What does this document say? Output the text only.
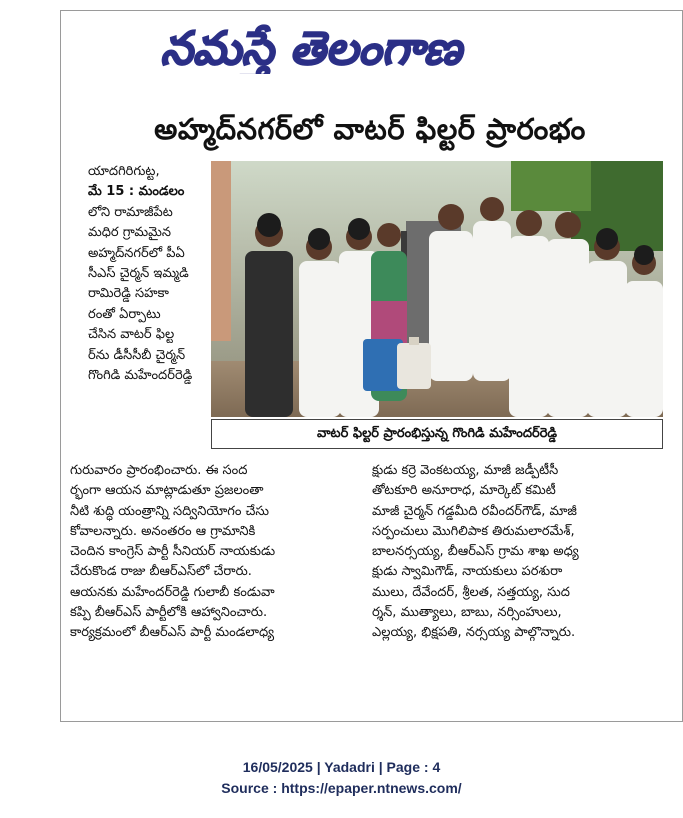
నమస్తే తెలంగాణ
అహ్మద్‌నగర్‌లో వాటర్ ఫిల్టర్ ప్రారంభం

యాదగిరిగుట్ట,

మే 15 : మండలం

లోని రామాజీపేట

మధిర గ్రామమైన

అహ్మద్‌నగర్‌లో పీఏ

సీఎస్ చైర్మన్ ఇమ్మడి

రామిరెడ్డి సహకా

రంతో ఏర్పాటు

చేసిన వాటర్ ఫిల్ట

ర్‌ను డీసీసీబీ చైర్మన్

గొంగిడి మహేందర్‌రెడ్డి

వాటర్ ఫిల్టర్ ప్రారంభిస్తున్న గొంగిడి మహేందర్‌రెడ్డి

గురువారం ప్రారంభించారు. ఈ సంద

ర్భంగా ఆయన మాట్లాడుతూ ప్రజలంతా

నీటి శుద్ధి యంత్రాన్ని సద్వినియోగం చేసు

కోవాలన్నారు. అనంతరం ఆ గ్రామానికి

చెందిన కాంగ్రెస్ పార్టీ సీనియర్ నాయకుడు

చేరుకొండ రాజు బీఆర్‌ఎస్‌లో చేరారు.

ఆయనకు మహేందర్‌రెడ్డి గులాబీ కండువా

కప్పి బీఆర్‌ఎస్ పార్టీలోకి ఆహ్వానించారు.

కార్యక్రమంలో బీఆర్‌ఎస్ పార్టీ మండలాధ్య

క్షుడు కర్రె వెంకటయ్య, మాజీ జడ్పీటీసీ

తోటకూరి అనూరాధ, మార్కెట్ కమిటీ

మాజీ చైర్మన్ గడ్డమీది రవీందర్‌గౌడ్, మాజీ

సర్పంచులు మొగిలిపాక తిరుమలారమేశ్,

బాలనర్సయ్య, బీఆర్‌ఎస్ గ్రామ శాఖ అధ్య

క్షుడు స్వామిగౌడ్, నాయకులు పరశురా

ములు, దేవేందర్, శ్రీలత, సత్తయ్య, సుద

ర్శన్, ముత్యాలు, బాబు, నర్సింహులు,

ఎల్లయ్య, భిక్షపతి, నర్సయ్య పాల్గొన్నారు.

16/05/2025 | Yadadri | Page : 4
Source : https://epaper.ntnews.com/
